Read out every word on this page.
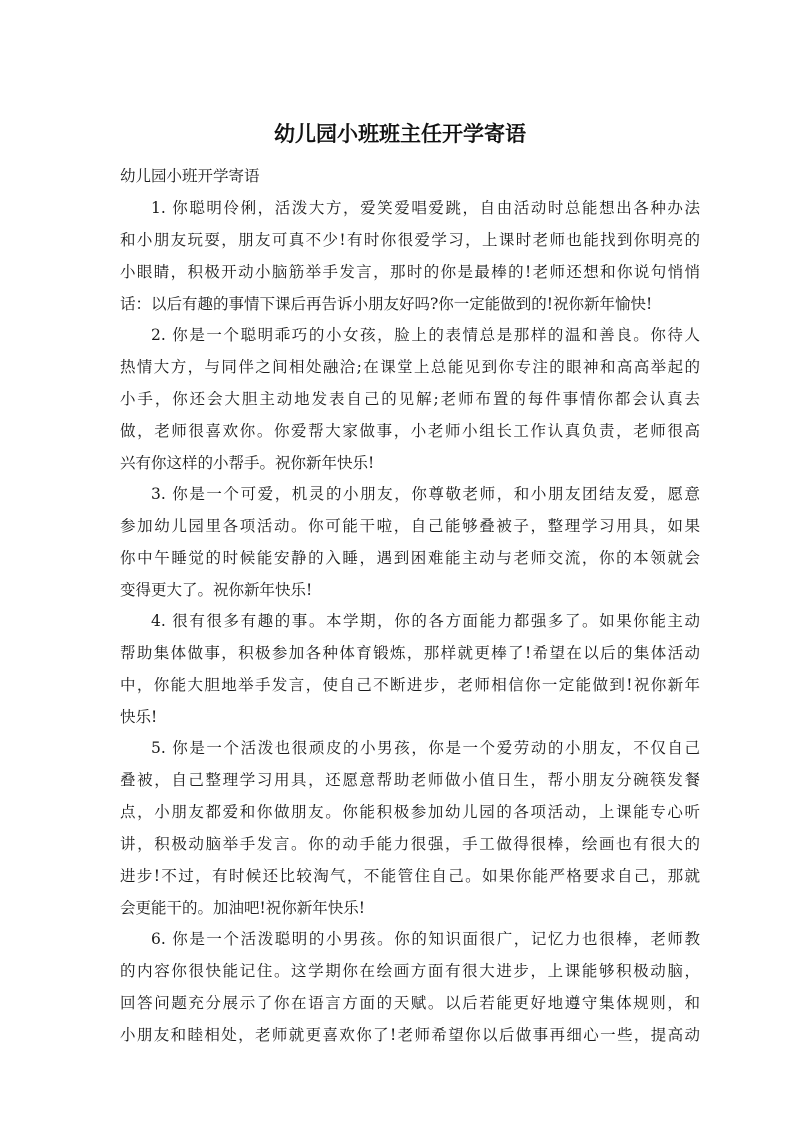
幼儿园小班班主任开学寄语

幼儿园小班开学寄语

1. 你聪明伶俐，活泼大方，爱笑爱唱爱跳，自由活动时总能想出各种办法
和小朋友玩耍，朋友可真不少!有时你很爱学习，上课时老师也能找到你明亮的
小眼睛，积极开动小脑筋举手发言，那时的你是最棒的!老师还想和你说句悄悄
话：以后有趣的事情下课后再告诉小朋友好吗?你一定能做到的!祝你新年愉快!
2. 你是一个聪明乖巧的小女孩，脸上的表情总是那样的温和善良。你待人
热情大方，与同伴之间相处融洽;在课堂上总能见到你专注的眼神和高高举起的
小手，你还会大胆主动地发表自己的见解;老师布置的每件事情你都会认真去
做，老师很喜欢你。你爱帮大家做事，小老师小组长工作认真负责，老师很高
兴有你这样的小帮手。祝你新年快乐!
3. 你是一个可爱，机灵的小朋友，你尊敬老师，和小朋友团结友爱，愿意
参加幼儿园里各项活动。你可能干啦，自己能够叠被子，整理学习用具，如果
你中午睡觉的时候能安静的入睡，遇到困难能主动与老师交流，你的本领就会
变得更大了。祝你新年快乐!
4. 很有很多有趣的事。本学期，你的各方面能力都强多了。如果你能主动
帮助集体做事，积极参加各种体育锻炼，那样就更棒了!希望在以后的集体活动
中，你能大胆地举手发言，使自己不断进步，老师相信你一定能做到!祝你新年
快乐!
5. 你是一个活泼也很顽皮的小男孩，你是一个爱劳动的小朋友，不仅自己
叠被，自己整理学习用具，还愿意帮助老师做小值日生，帮小朋友分碗筷发餐
点，小朋友都爱和你做朋友。你能积极参加幼儿园的各项活动，上课能专心听
讲，积极动脑举手发言。你的动手能力很强，手工做得很棒，绘画也有很大的
进步!不过，有时候还比较淘气，不能管住自己。如果你能严格要求自己，那就
会更能干的。加油吧!祝你新年快乐!
6. 你是一个活泼聪明的小男孩。你的知识面很广，记忆力也很棒，老师教
的内容你很快能记住。这学期你在绘画方面有很大进步，上课能够积极动脑，
回答问题充分展示了你在语言方面的天赋。以后若能更好地遵守集体规则，和
小朋友和睦相处，老师就更喜欢你了!老师希望你以后做事再细心一些，提高动
